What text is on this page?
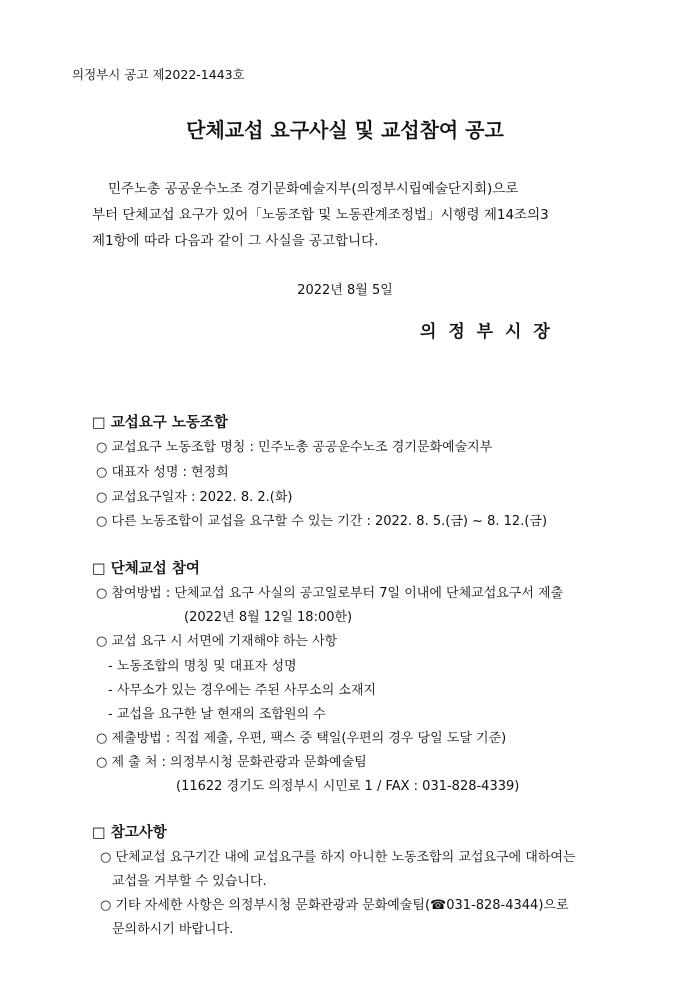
의정부시 공고 제2022-1443호
단체교섭 요구사실 및 교섭참여 공고
민주노총 공공운수노조 경기문화예술지부(의정부시립예술단지회)으로
부터 단체교섭 요구가 있어「노동조합 및 노동관계조정법」시행령 제14조의3
제1항에 따라 다음과 같이 그 사실을 공고합니다.
2022년 8월 5일
의 정 부 시 장
□ 교섭요구 노동조합
○ 교섭요구 노동조합 명칭 : 민주노총 공공운수노조 경기문화예술지부
○ 대표자 성명 : 현정희
○ 교섭요구일자 : 2022. 8. 2.(화)
○ 다른 노동조합이 교섭을 요구할 수 있는 기간 : 2022. 8. 5.(금) ~ 8. 12.(금)
□ 단체교섭 참여
○ 참여방법 : 단체교섭 요구 사실의 공고일로부터 7일 이내에 단체교섭요구서 제출
(2022년 8월 12일 18:00한)
○ 교섭 요구 시 서면에 기재해야 하는 사항
- 노동조합의 명칭 및 대표자 성명
- 사무소가 있는 경우에는 주된 사무소의 소재지
- 교섭을 요구한 날 현재의 조합원의 수
○ 제출방법 : 직접 제출, 우편, 팩스 중 택일(우편의 경우 당일 도달 기준)
○ 제 출 처 : 의정부시청 문화관광과 문화예술팀
(11622 경기도 의정부시 시민로 1 / FAX : 031-828-4339)
□ 참고사항
○ 단체교섭 요구기간 내에 교섭요구를 하지 아니한 노동조합의 교섭요구에 대하여는
교섭을 거부할 수 있습니다.
○ 기타 자세한 사항은 의정부시청 문화관광과 문화예술팀(☎031-828-4344)으로
문의하시기 바랍니다.
